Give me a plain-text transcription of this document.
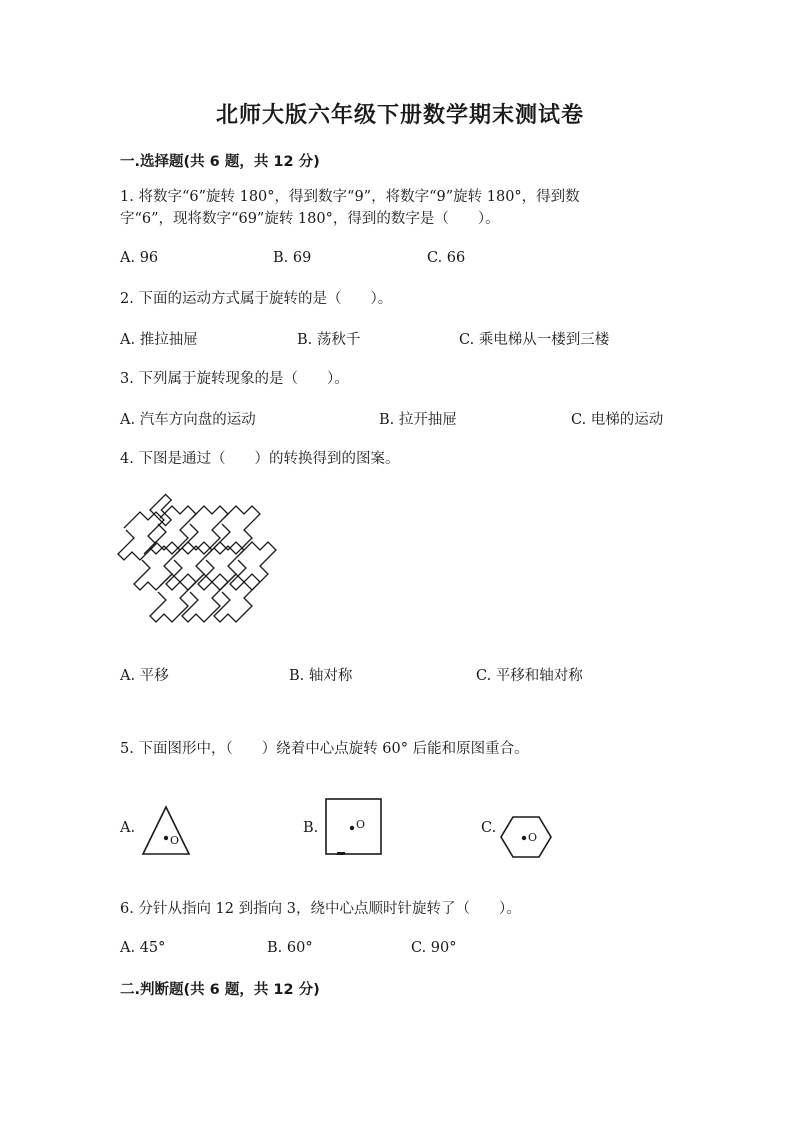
北师大版六年级下册数学期末测试卷
一.选择题(共 6 题，共 12 分)
1. 将数字“6”旋转 180°，得到数字“9”，将数字“9”旋转 180°，得到数
字“6”，现将数字“69”旋转 180°，得到的数字是（　　）。
A. 96	B. 69	C. 66
2. 下面的运动方式属于旋转的是（　　）。
A. 推拉抽屉	B. 荡秋千	C. 乘电梯从一楼到三楼
3. 下列属于旋转现象的是（　　）。
A. 汽车方向盘的运动	B. 拉开抽屉	C. 电梯的运动
4. 下图是通过（　　）的转换得到的图案。
A. 平移	B. 轴对称	C. 平移和轴对称
5. 下面图形中，（　　）绕着中心点旋转 60° 后能和原图重合。
A.
O
B.	O	C.
O
6. 分针从指向 12 到指向 3，绕中心点顺时针旋转了（　　）。
A. 45°	B. 60°	C. 90°
二.判断题(共 6 题，共 12 分)
